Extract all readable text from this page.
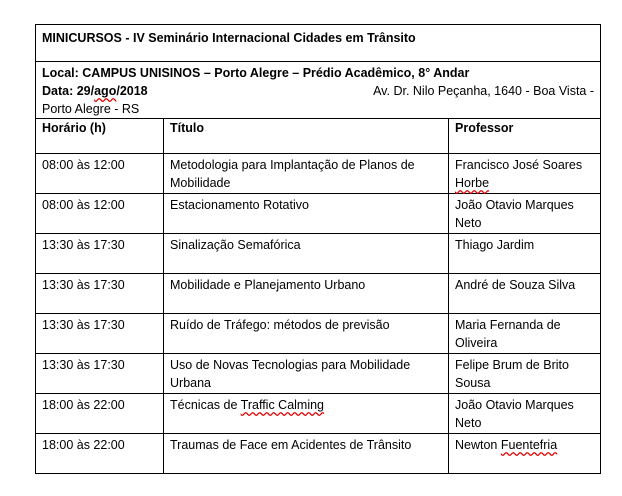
MINICURSOS - IV Seminário Internacional Cidades em Trânsito		

Local: CAMPUS UNISINOS – Porto Alegre – Prédio Acadêmico, 8° Andar
Av. Dr. Nilo Peçanha, 1640 - Boa Vista -
Data: 29/ago/2018
Porto Alegre - RS		

Horário (h)	Título	Professor
08:00 às 12:00	Metodologia para Implantação de Planos de Mobilidade	Francisco José Soares Horbe
08:00 às 12:00	Estacionamento Rotativo	João Otavio Marques Neto
13:30 às 17:30	Sinalização Semafórica	Thiago Jardim
13:30 às 17:30	Mobilidade e Planejamento Urbano	André de Souza Silva
13:30 às 17:30	Ruído de Tráfego: métodos de previsão	Maria Fernanda de Oliveira
13:30 às 17:30	Uso de Novas Tecnologias para Mobilidade Urbana	Felipe Brum de Brito Sousa
18:00 às 22:00	Técnicas de Traffic Calming	João Otavio Marques Neto
18:00 às 22:00	Traumas de Face em Acidentes de Trânsito	Newton Fuentefria
